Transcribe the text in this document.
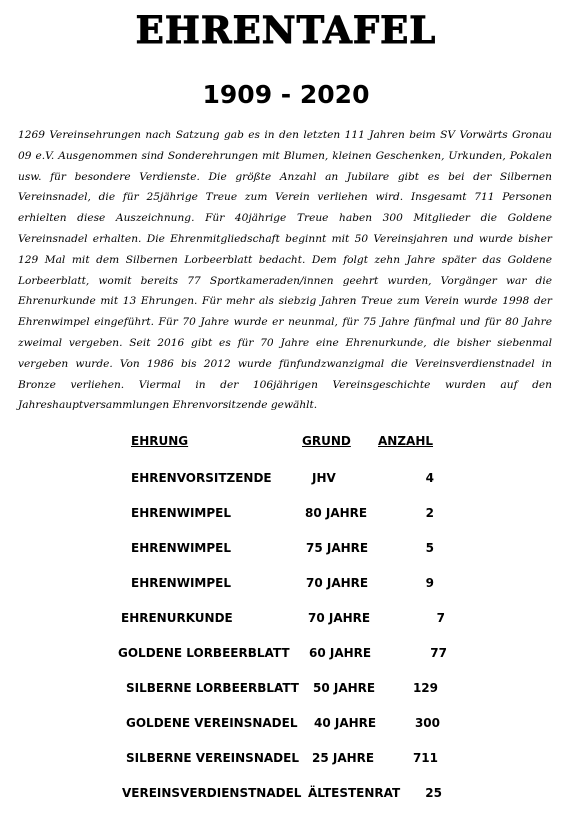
EHRENTAFEL
1909 - 2020
1269 Vereinsehrungen nach Satzung gab es in den letzten 111 Jahren beim SV Vorwärts Gronau 09 e.V. Ausgenommen sind Sonderehrungen mit Blumen, kleinen Geschenken, Urkunden, Pokalen usw. für besondere Verdienste. Die größte Anzahl an Jubilare gibt es bei der Silbernen Vereinsnadel, die für 25jährige Treue zum Verein verliehen wird. Insgesamt 711 Personen erhielten diese Auszeichnung. Für 40jährige Treue haben 300 Mitglieder die Goldene Vereinsnadel erhalten. Die Ehrenmitgliedschaft beginnt mit 50 Vereinsjahren und wurde bisher 129 Mal mit dem Silbernen Lorbeerblatt bedacht. Dem folgt zehn Jahre später das Goldene Lorbeerblatt, womit bereits 77 Sportkameraden/innen geehrt wurden, Vorgänger war die Ehrenurkunde mit 13 Ehrungen. Für mehr als siebzig Jahren Treue zum Verein wurde 1998 der Ehrenwimpel eingeführt. Für 70 Jahre wurde er neunmal, für 75 Jahre fünfmal und für 80 Jahre zweimal vergeben. Seit 2016 gibt es für 70 Jahre eine Ehrenurkunde, die bisher siebenmal vergeben wurde. Von 1986 bis 2012 wurde fünfundzwanzigmal die Vereinsverdienstnadel in Bronze verliehen. Viermal in der 106jährigen Vereinsgeschichte wurden auf den Jahreshauptversammlungen Ehrenvorsitzende gewählt.
EHRUNG	GRUND ANZAHL
EHRENVORSITZENDE	JHV	4
EHRENWIMPEL	80 JAHRE	2
EHRENWIMPEL	75 JAHRE	5
EHRENWIMPEL	70 JAHRE	9
EHRENURKUNDE	70 JAHRE	7
GOLDENE LORBEERBLATT 60 JAHRE	77
SILBERNE LORBEERBLATT 50 JAHRE	129
GOLDENE VEREINSNADEL 40 JAHRE	300
SILBERNE VEREINSNADEL 25 JAHRE	711
VEREINSVERDIENSTNADEL ÄLTESTENRAT	25
